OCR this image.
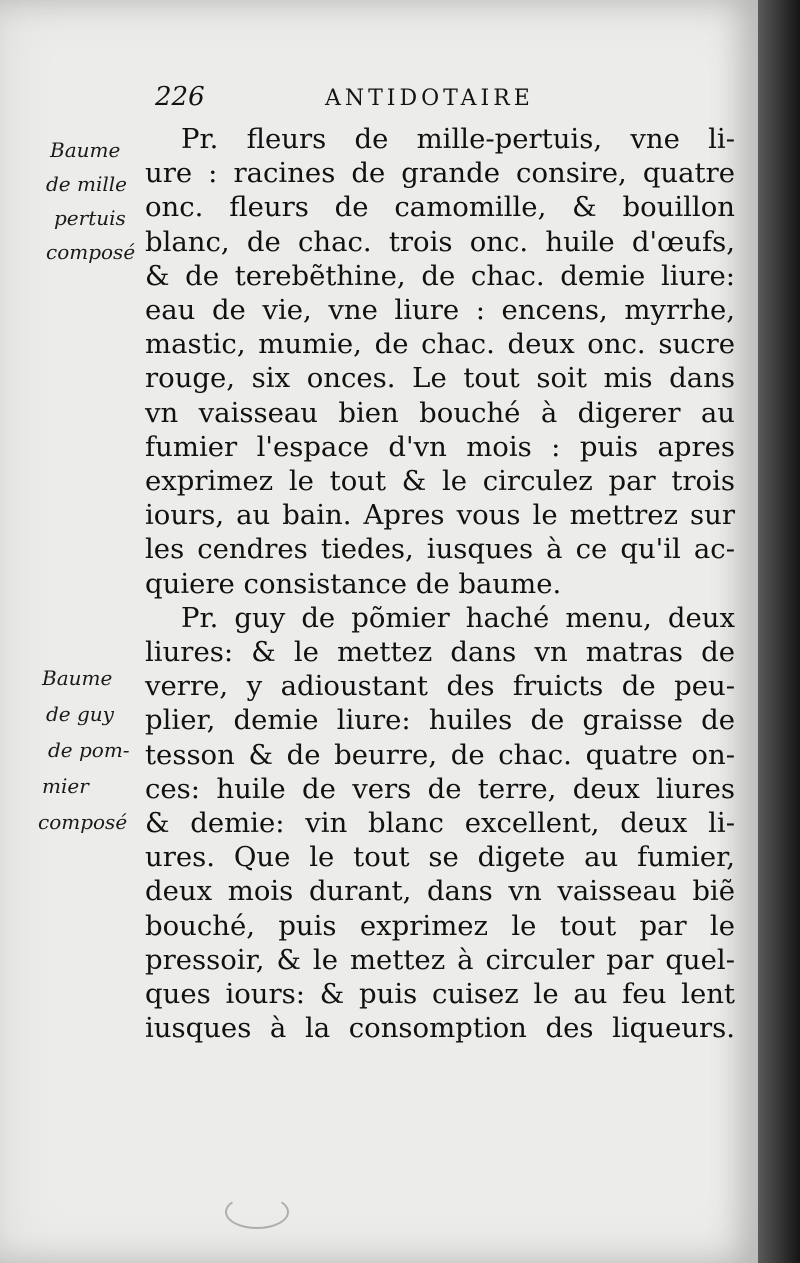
226	ANTIDOTAIRE
Baume
de mille
pertuis
composé
Baume
de guy
de pom-
mier
composé
Pr. fleurs de mille-pertuis, vne li-
ure : racines de grande consire, quatre
onc. fleurs de camomille, & bouillon
blanc, de chac. trois onc. huile d'œufs,
& de terebẽthine, de chac. demie liure:
eau de vie, vne liure : encens, myrrhe,
mastic, mumie, de chac. deux onc. sucre
rouge, six onces. Le tout soit mis dans
vn vaisseau bien bouché à digerer au
fumier l'espace d'vn mois : puis apres
exprimez le tout & le circulez par trois
iours, au bain. Apres vous le mettrez sur
les cendres tiedes, iusques à ce qu'il ac-
quiere consistance de baume.
Pr. guy de põmier haché menu, deux
liures: & le mettez dans vn matras de
verre, y adioustant des fruicts de peu-
plier, demie liure: huiles de graisse de
tesson & de beurre, de chac. quatre on-
ces: huile de vers de terre, deux liures
& demie: vin blanc excellent, deux li-
ures. Que le tout se digete au fumier,
deux mois durant, dans vn vaisseau biẽ
bouché, puis exprimez le tout par le
pressoir, & le mettez à circuler par quel-
ques iours: & puis cuisez le au feu lent
iusques à la consomption des liqueurs.
